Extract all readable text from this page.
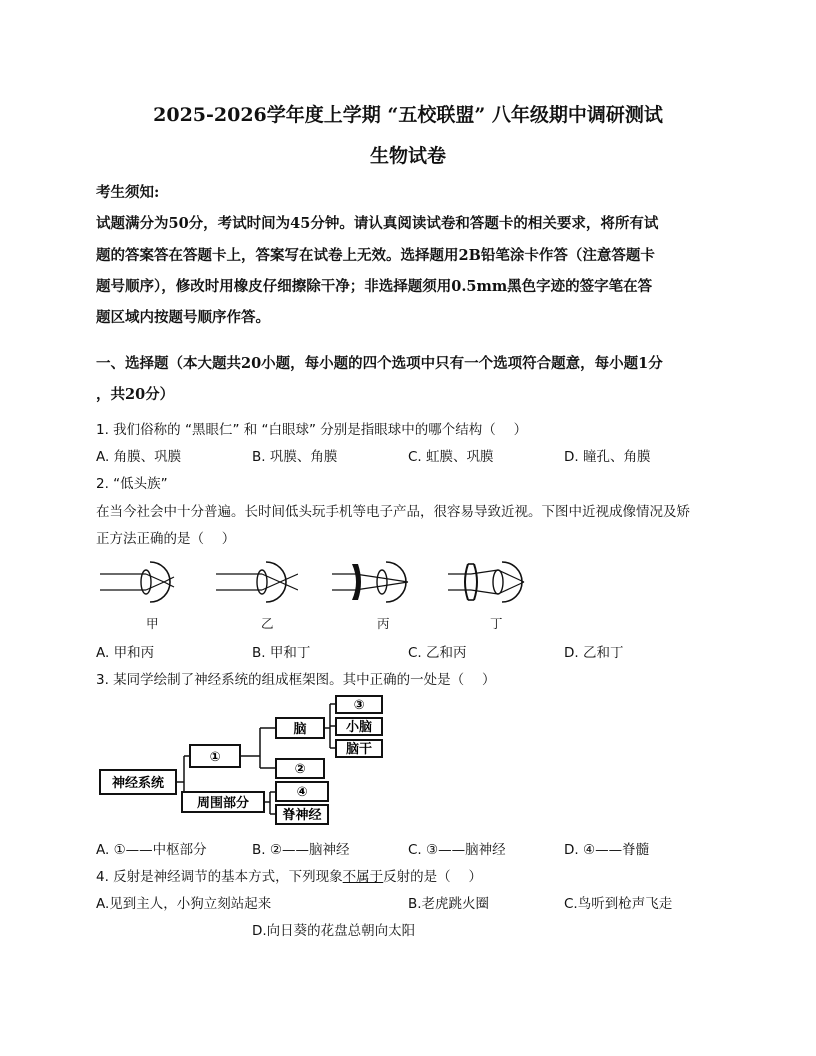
2025-2026学年度上学期 “五校联盟” 八年级期中调研测试
生物试卷
考生须知:
试题满分为50分，考试时间为45分钟。请认真阅读试卷和答题卡的相关要求，将所有试
题的答案答在答题卡上，答案写在试卷上无效。选择题用2B铅笔涂卡作答（注意答题卡
题号顺序），修改时用橡皮仔细擦除干净；非选择题须用0.5mm黑色字迹的签字笔在答
题区域内按题号顺序作答。
一、选择题（本大题共20小题，每小题的四个选项中只有一个选项符合题意，每小题1分
，共20分）
1. 我们俗称的 “黑眼仁” 和 “白眼球” 分别是指眼球中的哪个结构（　 ）
A. 角膜、巩膜	B. 巩膜、角膜	C. 虹膜、巩膜	D. 瞳孔、角膜
2. “低头族”
在当今社会中十分普遍。长时间低头玩手机等电子产品，很容易导致近视。下图中近视成像情况及矫
正方法正确的是（　 ）
甲	乙	丙	丁
A. 甲和丙	B. 甲和丁	C. 乙和丙	D. 乙和丁
3. 某同学绘制了神经系统的组成框架图。其中正确的一处是（　 ）
神经系统
①
脑
③
小脑
脑干
②
周围部分
④
脊神经
A. ①——中枢部分	B. ②——脑神经	C. ③——脑神经	D. ④——脊髓
4. 反射是神经调节的基本方式，下列现象不属于反射的是（　 ）
A.见到主人，小狗立刻站起来	B.老虎跳火圈	C.鸟听到枪声飞走
D.向日葵的花盘总朝向太阳
